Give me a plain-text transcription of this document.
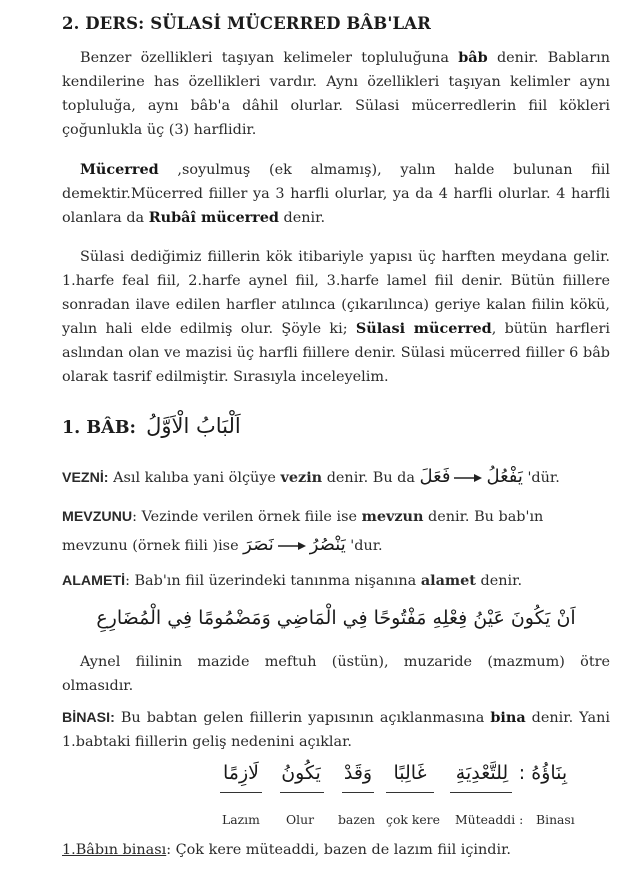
2. DERS: SÜLASİ MÜCERRED BÂB'LAR

Benzer özellikleri taşıyan kelimeler topluluğuna bâb denir. Babların kendilerine has özellikleri vardır. Aynı özellikleri taşıyan kelimler aynı topluluğa, aynı bâb'a dâhil olurlar. Sülasi mücerredlerin fiil kökleri çoğunlukla üç (3) harflidir.

Mücerred ,soyulmuş (ek almamış), yalın halde bulunan fiil demektir.Mücerred fiiller ya 3 harfli olurlar, ya da 4 harfli olurlar. 4 harfli olanlara da Rubâî mücerred denir.

Sülasi dediğimiz fiillerin kök itibariyle yapısı üç harften meydana gelir. 1.harfe feal fiil, 2.harfe aynel fiil, 3.harfe lamel fiil denir. Bütün fiillere sonradan ilave edilen harfler atılınca (çıkarılınca) geriye kalan fiilin kökü, yalın hali elde edilmiş olur. Şöyle ki; Sülasi mücerred, bütün harfleri aslından olan ve mazisi üç harfli fiillere denir. Sülasi mücerred fiiller 6 bâb olarak tasrif edilmiştir. Sırasıyla inceleyelim.

1. BÂB: اَلْبَابُ الْاَوَّلُ
VEZNİ: Asıl kalıba yani ölçüye vezin denir. Bu da فَعَلَ يَفْعُلُ 'dür.
MEVZUNU: Vezinde verilen örnek fiile ise mevzun denir. Bu bab'ın
mevzunu (örnek fiili )ise نَصَرَ يَنْصُرُ 'dur.
ALAMETİ: Bab'ın fiil üzerindeki tanınma nişanına alamet denir.
اَنْ يَكُونَ عَيْنُ فِعْلِهِ مَفْتُوحًا فِي الْمَاضِي وَمَضْمُومًا فِي الْمُضَارِعِ

Aynel fiilinin mazide meftuh (üstün), muzaride (mazmum) ötre olmasıdır.

BİNASI: Bu babtan gelen fiillerin yapısının açıklanmasına bina denir. Yani 1.babtaki fiillerin geliş nedenini açıklar.

بِنَاؤُهُ :
لِلتَّعْدِيَةِ
غَالِبًا
وَقَدْ
يَكُونُ
لَازِمًا
Binası
Müteaddi :
çok kere
bazen
Olur
Lazım
1.Bâbın binası: Çok kere müteaddi, bazen de lazım fiil içindir.
